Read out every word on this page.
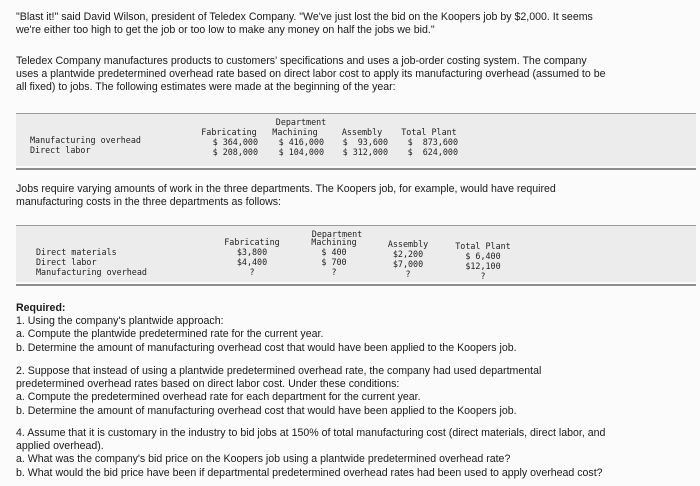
"Blast it!" said David Wilson, president of Teledex Company. "We've just lost the bid on the Koopers job by $2,000. It seems

we're either too high to get the job or too low to make any money on half the jobs we bid."

Teledex Company manufactures products to customers' specifications and uses a job-order costing system. The company

uses a plantwide predetermined overhead rate based on direct labor cost to apply its manufacturing overhead (assumed to be

all fixed) to jobs. The following estimates were made at the beginning of the year:

Department
Fabricating	Machining	Assembly	Total Plant
Manufacturing overhead	$ 364,000	$ 416,000	$  93,600	$  873,600
Direct labor	$ 208,000	$ 104,000	$ 312,000	$  624,000

Jobs require varying amounts of work in the three departments. The Koopers job, for example, would have required

manufacturing costs in the three departments as follows:

Department
Fabricating	Machining	Assembly	Total Plant
Direct materials	$3,800	$ 400	$2,200	$ 6,400
Direct labor	$4,400	$ 700	$7,000	$12,100
Manufacturing overhead	?	?	?	?

Required:

1. Using the company's plantwide approach:

a. Compute the plantwide predetermined rate for the current year.

b. Determine the amount of manufacturing overhead cost that would have been applied to the Koopers job.

2. Suppose that instead of using a plantwide predetermined overhead rate, the company had used departmental

predetermined overhead rates based on direct labor cost. Under these conditions:

a. Compute the predetermined overhead rate for each department for the current year.

b. Determine the amount of manufacturing overhead cost that would have been applied to the Koopers job.

4. Assume that it is customary in the industry to bid jobs at 150% of total manufacturing cost (direct materials, direct labor, and

applied overhead).

a. What was the company's bid price on the Koopers job using a plantwide predetermined overhead rate?

b. What would the bid price have been if departmental predetermined overhead rates had been used to apply overhead cost?
